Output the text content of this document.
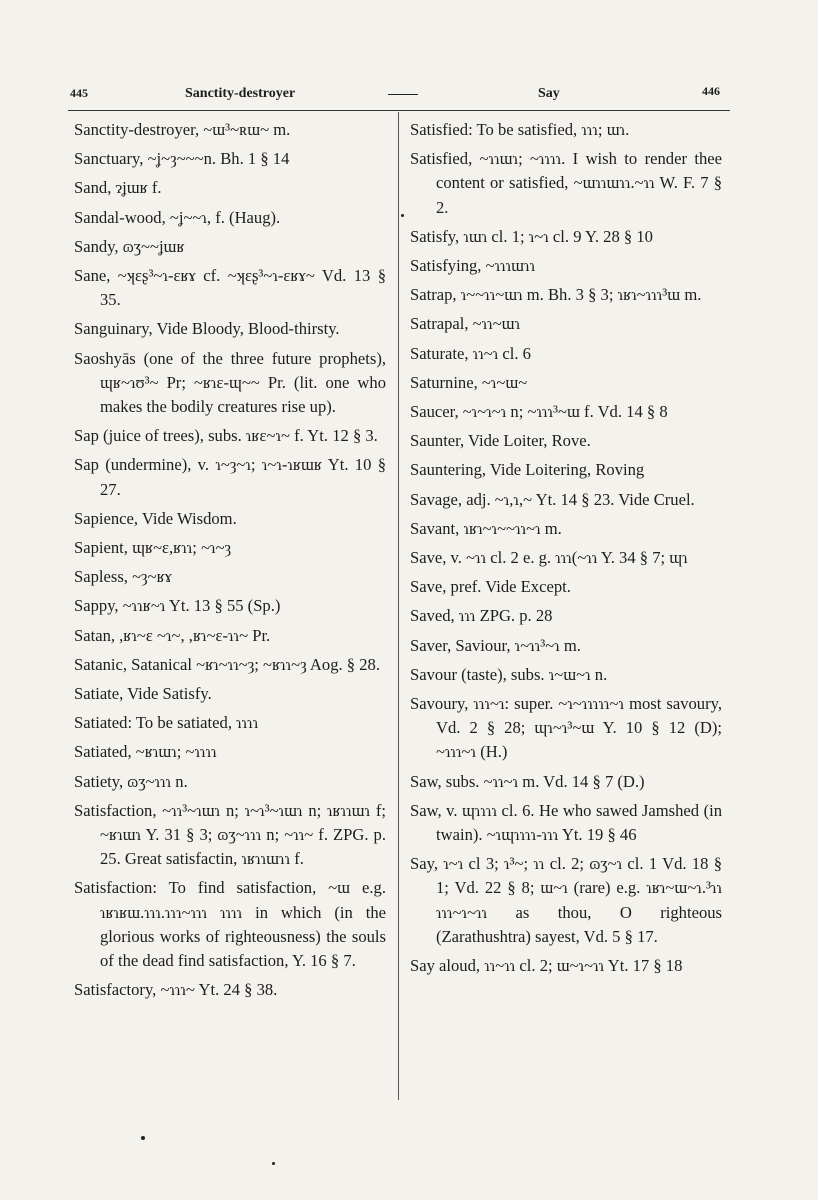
445	Sanctity-destroyer	Say	446

Sanctity-destroyer, ~ɯ³~ʀɯ~ m.

Sanctuary, ~ʝ~ȝ~~~n. Bh. 1 § 14

Sand, ɂʝɯʁ f.

Sandal-wood, ~ʝ~~ɿ, f. (Haug).

Sandy, ɷʒ~~ʝɯʁ

Sane, ~ʞɛʂ³~ɿ-ɛʁɤ cf. ~ʞɛʂ³~ɿ-ɛʁɤ~ Vd. 13 § 35.

Sanguinary, Vide Bloody, Blood-thirsty.

Saoshyās (one of the three future prophets), ɰʁ~ɿʊ³~ Pr; ~ʁɿɛ-ɰ~~ Pr. (lit. one who makes the bodily creatures rise up).

Sap (juice of trees), subs. ɿʁɛ~ɿ~ f. Yt. 12 § 3.

Sap (undermine), v. ɿ~ȝ~ɿ; ɿ~ɿ-ɿʁɯʁ Yt. 10 § 27.

Sapience, Vide Wisdom.

Sapient, ɰʁ~ɛ,ʁɿɿ; ~ɿ~ȝ

Sapless, ~ȝ~ʁɤ

Sappy, ~ɿɿʁ~ɿ Yt. 13 § 55 (Sp.)

Satan, ,ʁɿ~ɛ ~ɿ~, ,ʁɿ~ɛ-ɿɿ~ Pr.

Satanic, Satanical ~ʁɿ~ɿɿ~ȝ; ~ʁɿɿ~ȝ Aog. § 28.

Satiate, Vide Satisfy.

Satiated: To be satiated, ɿɿɿɿ

Satiated, ~ʁɿɯɿ; ~ɿɿɿɿ

Satiety, ɷʒ~ɿɿɿ n.

Satisfaction, ~ɿɿ³~ɿɯɿ n; ɿ~ɿ³~ɿɯɿ n; ɿʁɿɿɯɿ f; ~ʁɿɯɿ Y. 31 § 3; ɷʒ~ɿɿɿ n; ~ɿɿ~ f. ZPG. p. 25. Great satisfactin, ɿʁɿɿɯɿɿ f.

Satisfaction: To find satisfaction, ~ɯ e.g. ɿʁɿʁɯ.ɿɿɿ.ɿɿɿ~ɿɿɿ ɿɿɿɿ in which (in the glorious works of righteousness) the souls of the dead find satisfaction, Y. 16 § 7.

Satisfactory, ~ɿɿɿ~ Yt. 24 § 38.

Satisfied: To be satisfied, ɿɿɿ; ɯɿ.

Satisfied, ~ɿɿɯɿ; ~ɿɿɿɿ. I wish to render thee content or satisfied, ~ɯɿɿɯɿɿ.~ɿɿ W. F. 7 § 2.

Satisfy, ɿɯɿ cl. 1; ɿ~ɿ cl. 9 Y. 28 § 10

Satisfying, ~ɿɿɿɯɿɿ

Satrap, ɿ~~ɿɿ~ɯɿ m. Bh. 3 § 3; ɿʁɿ~ɿɿɿ³ɯ m.

Satrapal, ~ɿɿ~ɯɿ

Saturate, ɿɿ~ɿ cl. 6

Saturnine, ~ɿ~ɯ~

Saucer, ~ɿ~ɿ~ɿ n; ~ɿɿɿ³~ɯ f. Vd. 14 § 8

Saunter, Vide Loiter, Rove.

Sauntering, Vide Loitering, Roving

Savage, adj. ~ɿ,ɿ,~ Yt. 14 § 23. Vide Cruel.

Savant, ɿʁɿ~ɿ~~ɿɿ~ɿ m.

Save, v. ~ɿɿ cl. 2 e. g. ɿɿɿ(~ɿɿ Y. 34 § 7; ɰɿ

Save, pref. Vide Except.

Saved, ɿɿɿ ZPG. p. 28

Saver, Saviour, ɿ~ɿɿ³~ɿ m.

Savour (taste), subs. ɿ~ɯ~ɿ n.

Savoury, ɿɿɿ~ɿ: super. ~ɿ~ɿɿɿɿɿ~ɿ most savoury, Vd. 2 § 28; ɰɿ~ɿ³~ɯ Y. 10 § 12 (D); ~ɿɿɿ~ɿ (H.)

Saw, subs. ~ɿɿ~ɿ m. Vd. 14 § 7 (D.)

Saw, v. ɰɿɿɿɿ cl. 6. He who sawed Jamshed (in twain). ~ɿɰɿɿɿɿ-ɿɿɿ Yt. 19 § 46

Say, ɿ~ɿ cl 3; ɿ³~; ɿɿ cl. 2; ɷʒ~ɿ cl. 1 Vd. 18 § 1; Vd. 22 § 8; ɯ~ɿ (rare) e.g. ɿʁɿ~ɯ~ɿ.³ɿɿ ɿɿɿ~ɿ~ɿɿ as thou, O righteous (Zarathushtra) sayest, Vd. 5 § 17.

Say aloud, ɿɿ~ɿɿ cl. 2; ɯ~ɿ~ɿɿ Yt. 17 § 18
